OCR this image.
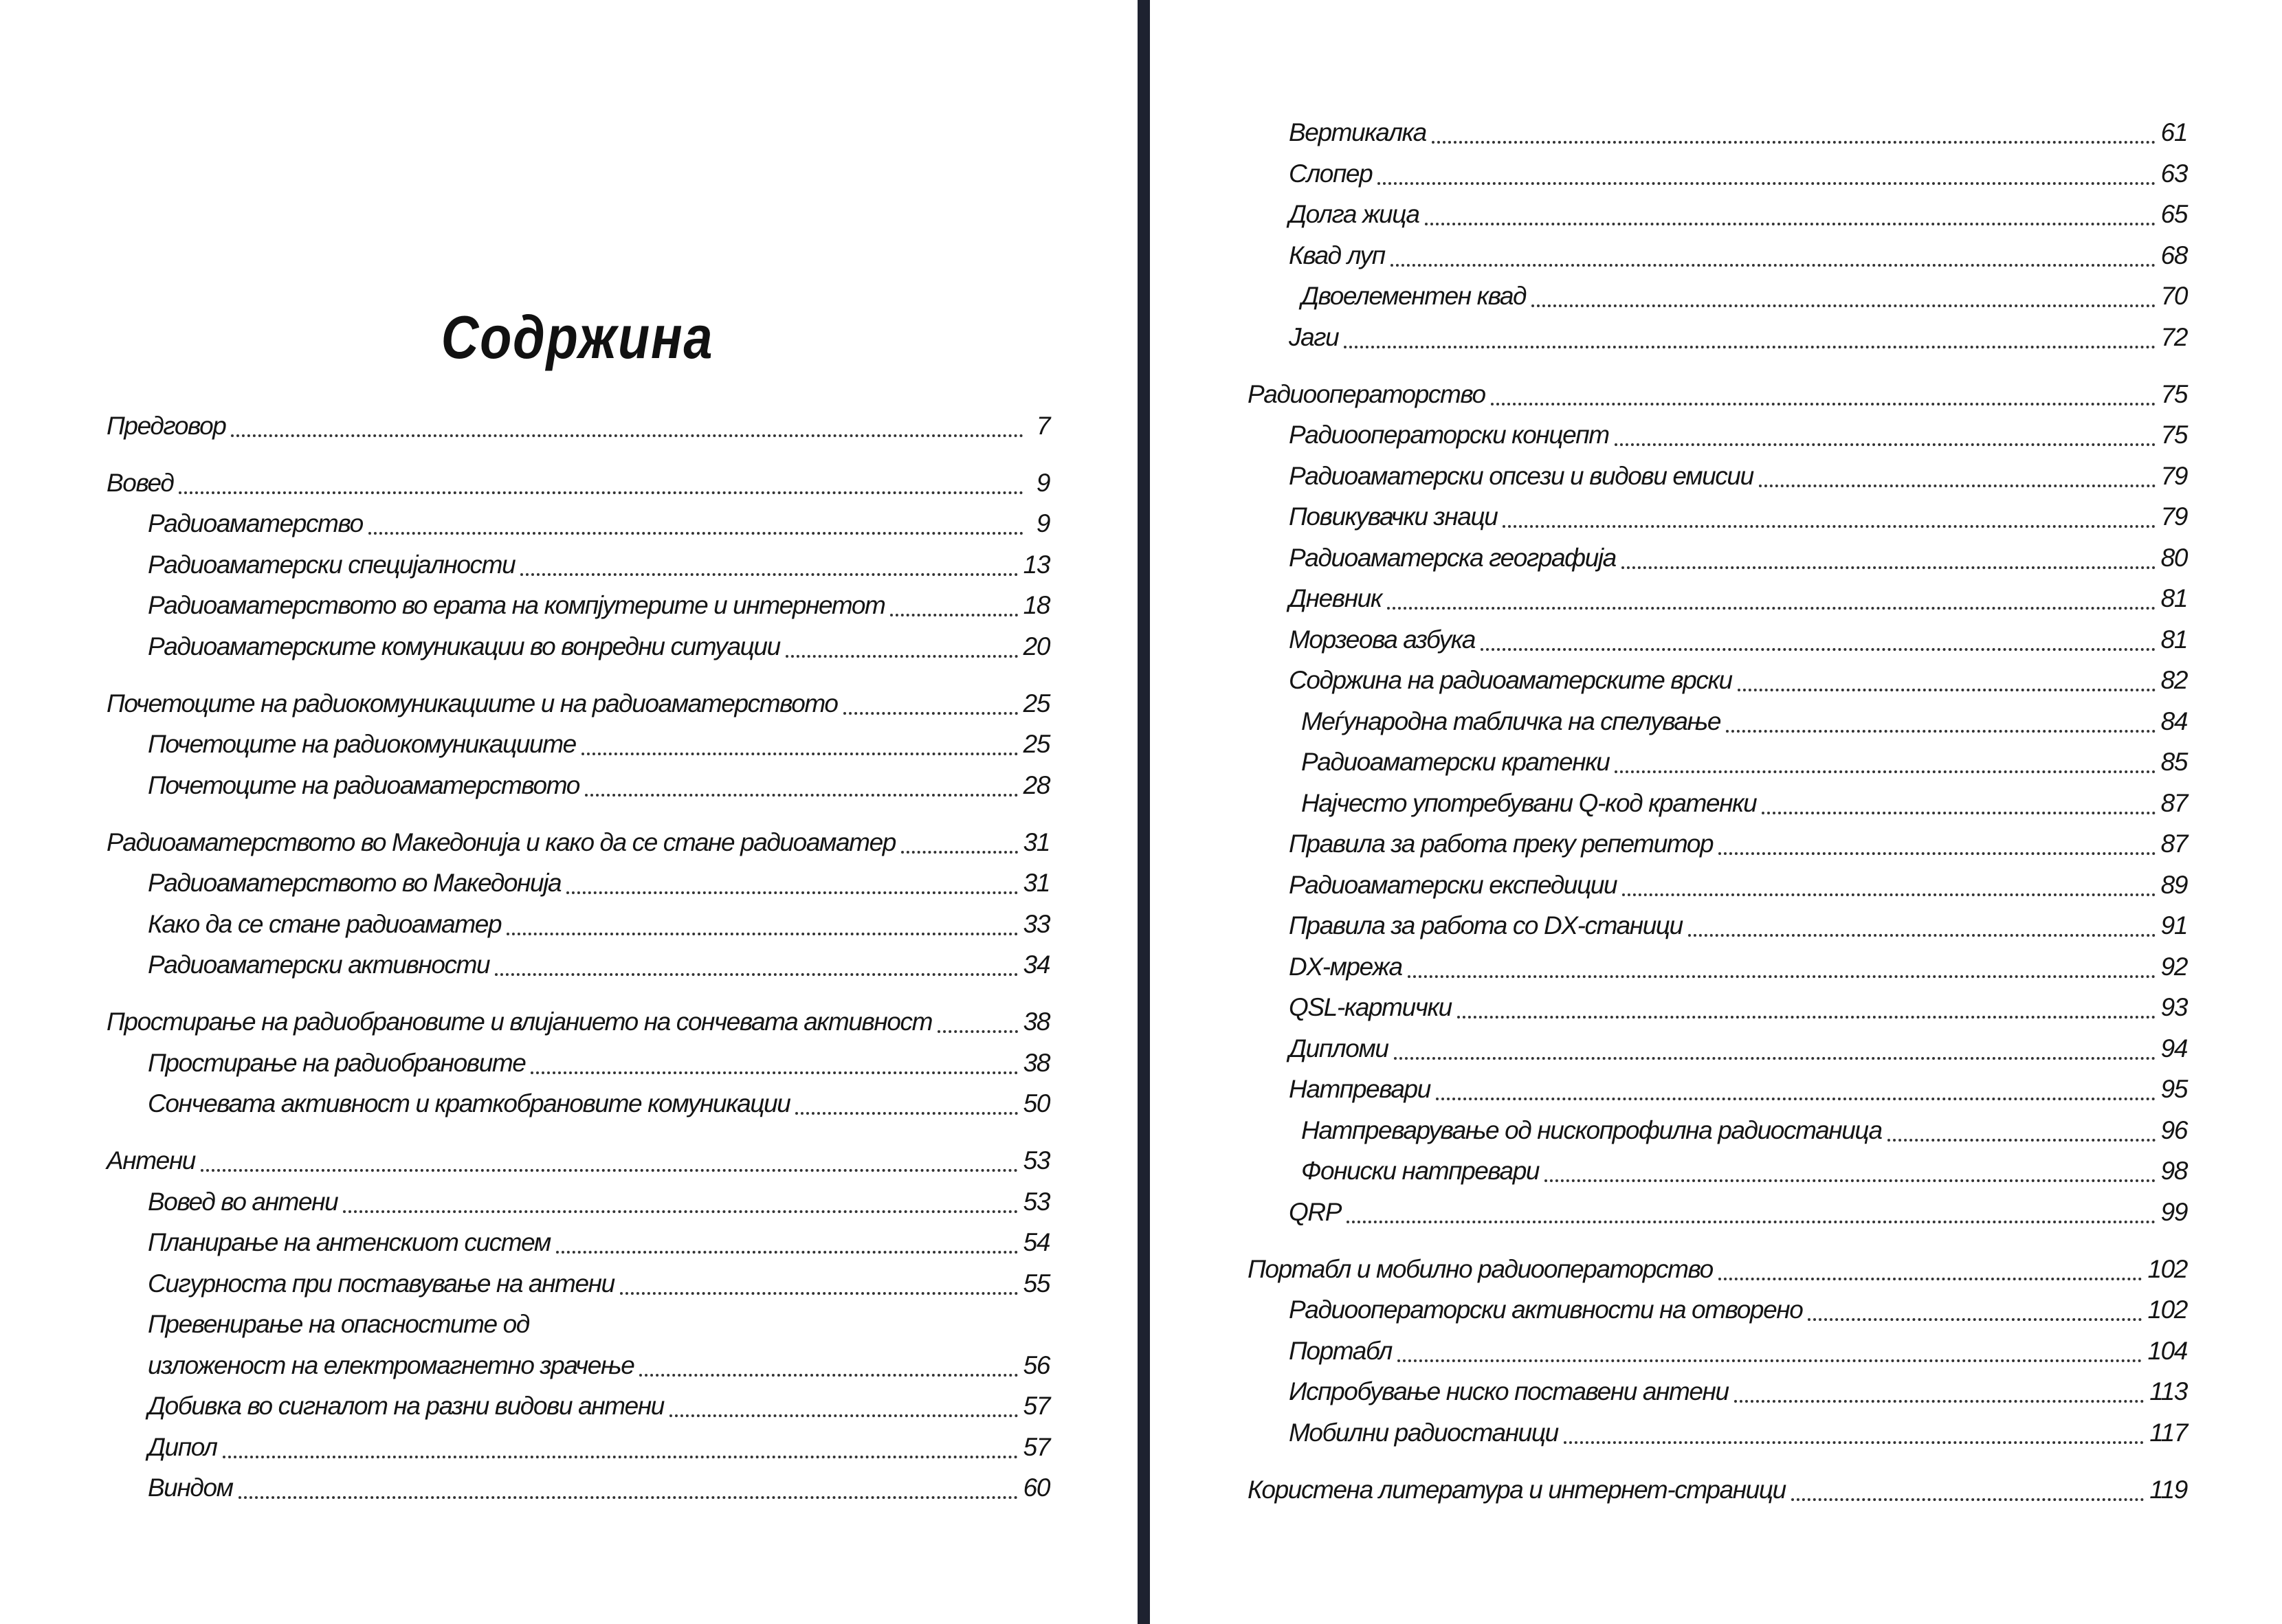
Содржина
Предговор	7
Вовед	9
Радиоаматерство	9
Радиоаматерски специјалности	13
Радиоаматерството во ерата на компјутерите и интернетот	18
Радиоаматерските комуникации во вонредни ситуации	20
Почетоците на радиокомуникациите и на радиоаматерството	25
Почетоците на радиокомуникациите	25
Почетоците на радиоаматерството	28
Радиоаматерството во Македонија и како да се стане радиоаматер	31
Радиоаматерството во Македонија	31
Како да се стане радиоаматер	33
Радиоаматерски активности	34
Простирање на радиобрановите и влијанието на сончевата активност	38
Простирање на радиобрановите	38
Сончевата активност и краткобрановите комуникации	50
Антени	53
Вовед во антени	53
Планирање на антенскиот систем	54
Сигурноста при поставување на антени	55
Превенирање на опасностите од
изложеност на електромагнетно зрачење	56
Добивка во сигналот на разни видови антени	57
Дипол	57
Виндом	60
Вертикалка	61
Слопер	63
Долга жица	65
Квад луп	68
Двоелементен квад	70
Јаги	72
Радиооператорство	75
Радиооператорски концепт	75
Радиоаматерски опсези и видови емисии	79
Повикувачки знаци	79
Радиоаматерска географија	80
Дневник	81
Морзеова азбука	81
Содржина на радиоаматерските врски	82
Меѓународна табличка на спелување	84
Радиоаматерски кратенки	85
Најчесто употребувани Q-код кратенки	87
Правила за работа преку репетитор	87
Радиоаматерски експедиции	89
Правила за работа со DX-станици	91
DX-мрежа	92
QSL-картички	93
Дипломи	94
Натпревари	95
Натпреварување од нископрофилна радиостаница	96
Фониски натпревари	98
QRP	99
Портабл и мобилно радиооператорство	102
Радиооператорски активности на отворено	102
Портабл	104
Испробување ниско поставени антени	113
Мобилни радиостаници	117
Користена литература и интернет-страници	119
